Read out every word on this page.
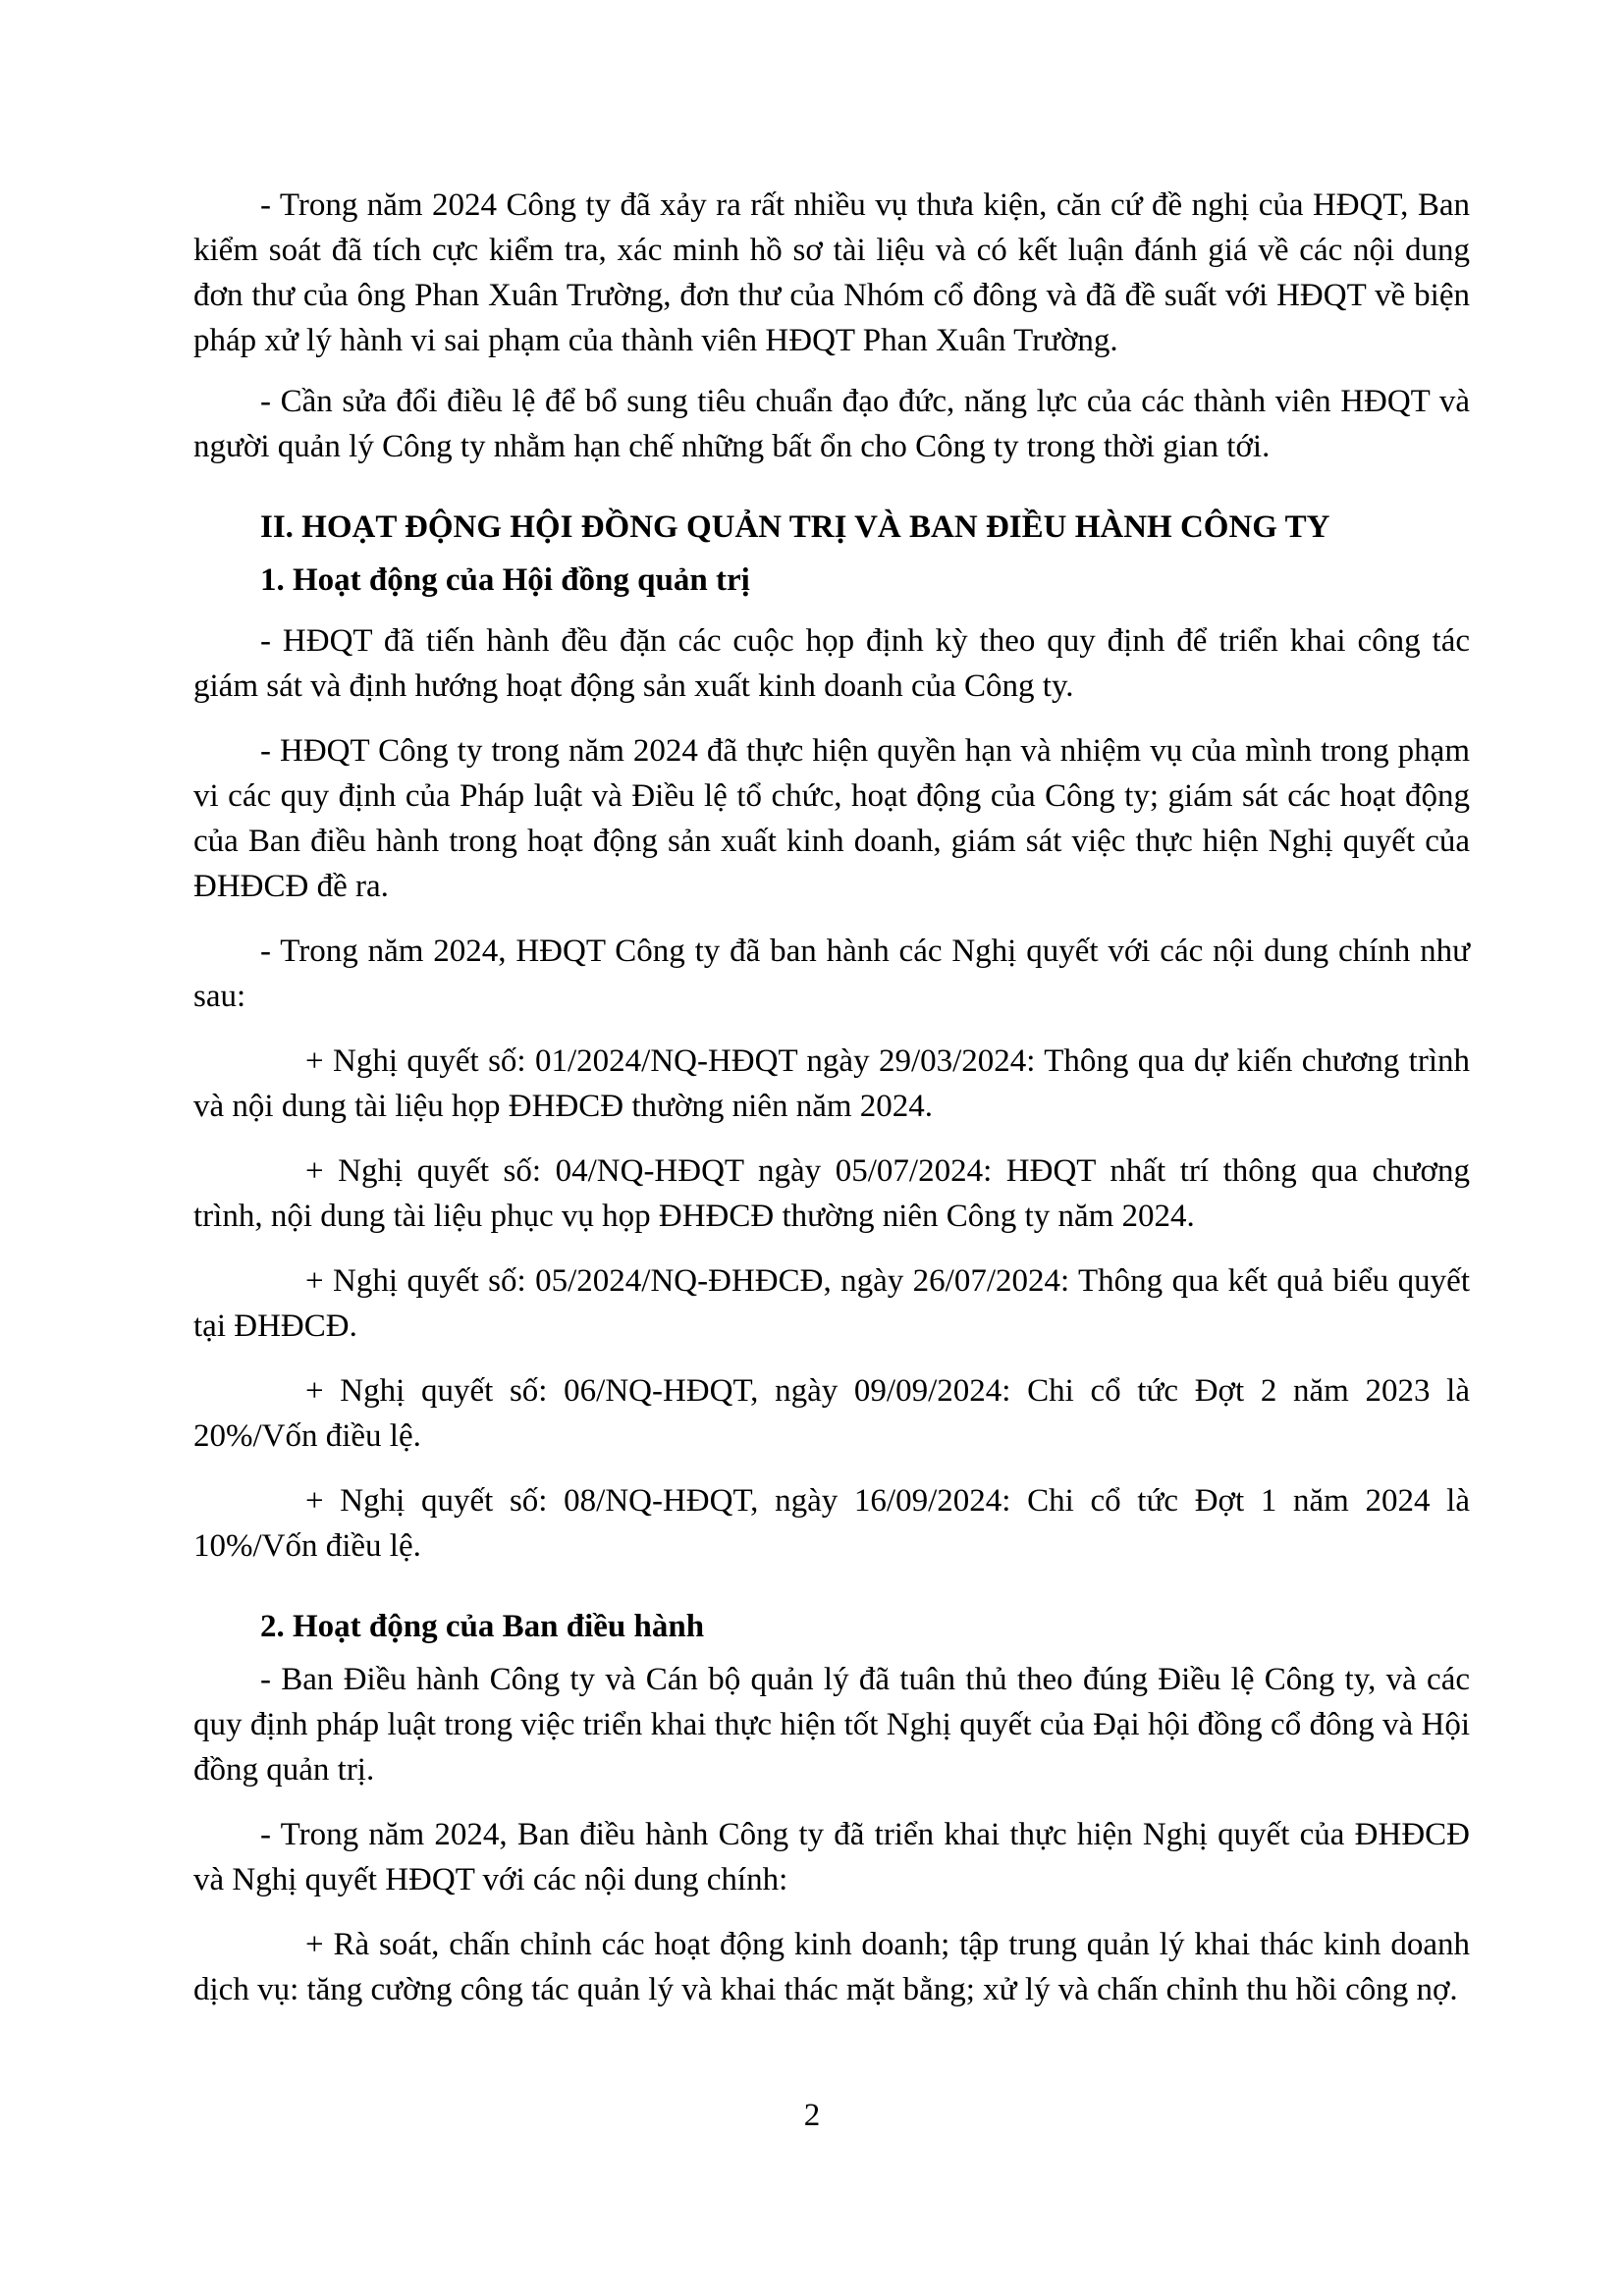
- Trong năm 2024 Công ty đã xảy ra rất nhiều vụ thưa kiện, căn cứ đề nghị của HĐQT, Ban kiểm soát đã tích cực kiểm tra, xác minh hồ sơ tài liệu và có kết luận đánh giá về các nội dung đơn thư của ông Phan Xuân Trường, đơn thư của Nhóm cổ đông và đã đề suất với HĐQT về biện pháp xử lý hành vi sai phạm của thành viên HĐQT Phan Xuân Trường.

- Cần sửa đổi điều lệ để bổ sung tiêu chuẩn đạo đức, năng lực của các thành viên HĐQT và người quản lý Công ty nhằm hạn chế những bất ổn cho Công ty trong thời gian tới.

II. HOẠT ĐỘNG HỘI ĐỒNG QUẢN TRỊ VÀ BAN ĐIỀU HÀNH CÔNG TY

1. Hoạt động của Hội đồng quản trị

- HĐQT đã tiến hành đều đặn các cuộc họp định kỳ theo quy định để triển khai công tác giám sát và định hướng hoạt động sản xuất kinh doanh của Công ty.

- HĐQT Công ty trong năm 2024 đã thực hiện quyền hạn và nhiệm vụ của mình trong phạm vi các quy định của Pháp luật và Điều lệ tổ chức, hoạt động của Công ty; giám sát các hoạt động của Ban điều hành trong hoạt động sản xuất kinh doanh, giám sát việc thực hiện Nghị quyết của ĐHĐCĐ đề ra.

- Trong năm 2024, HĐQT Công ty đã ban hành các Nghị quyết với các nội dung chính như sau:

+ Nghị quyết số: 01/2024/NQ-HĐQT ngày 29/03/2024: Thông qua dự kiến chương trình và nội dung tài liệu họp ĐHĐCĐ thường niên năm 2024.

+ Nghị quyết số: 04/NQ-HĐQT ngày 05/07/2024: HĐQT nhất trí thông qua chương trình, nội dung tài liệu phục vụ họp ĐHĐCĐ thường niên Công ty năm 2024.

+ Nghị quyết số: 05/2024/NQ-ĐHĐCĐ, ngày 26/07/2024: Thông qua kết quả biểu quyết tại ĐHĐCĐ.

+ Nghị quyết số: 06/NQ-HĐQT, ngày 09/09/2024: Chi cổ tức Đợt 2 năm 2023 là 20%/Vốn điều lệ.

+ Nghị quyết số: 08/NQ-HĐQT, ngày 16/09/2024: Chi cổ tức Đợt 1 năm 2024 là 10%/Vốn điều lệ.

2. Hoạt động của Ban điều hành

- Ban Điều hành Công ty và Cán bộ quản lý đã tuân thủ theo đúng Điều lệ Công ty, và các quy định pháp luật trong việc triển khai thực hiện tốt Nghị quyết của Đại hội đồng cổ đông và Hội đồng quản trị.

- Trong năm 2024, Ban điều hành Công ty đã triển khai thực hiện Nghị quyết của ĐHĐCĐ và Nghị quyết HĐQT với các nội dung chính:

+ Rà soát, chấn chỉnh các hoạt động kinh doanh; tập trung quản lý khai thác kinh doanh dịch vụ: tăng cường công tác quản lý và khai thác mặt bằng; xử lý và chấn chỉnh thu hồi công nợ.

2
